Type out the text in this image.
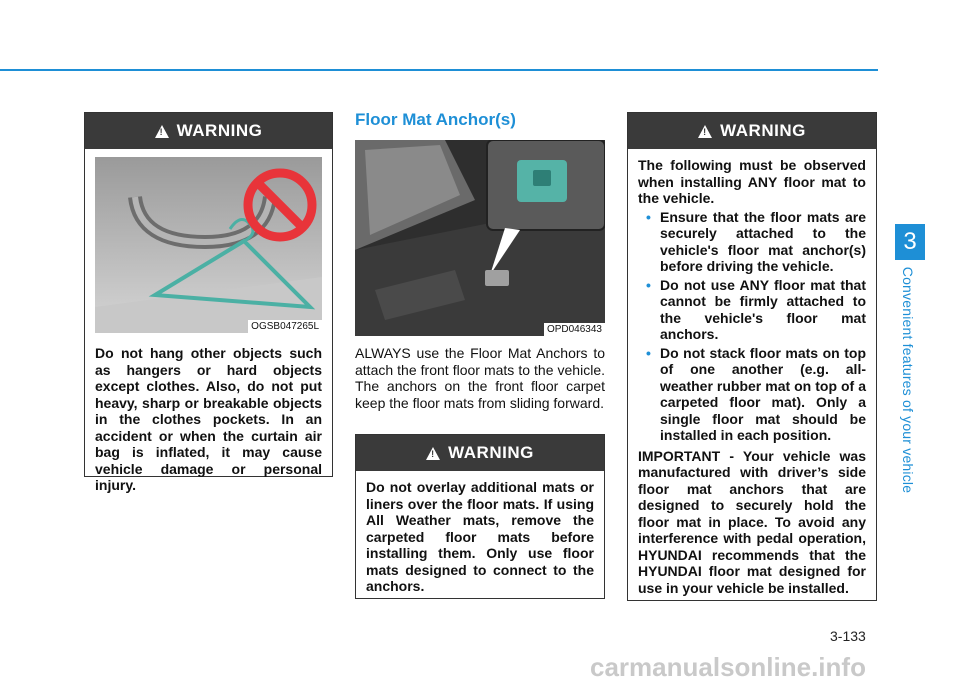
3
Convenient features of your vehicle
!
WARNING
OGSB047265L
Do not hang other objects such as hangers or hard objects except clothes. Also, do not put heavy, sharp or breakable objects in the clothes pockets. In an accident or when the curtain air bag is inflated, it may cause vehicle damage or personal injury.
Floor Mat Anchor(s)
OPD046343
ALWAYS use the Floor Mat Anchors to attach the front floor mats to the vehicle. The anchors on the front floor carpet keep the floor mats from sliding forward.
!
WARNING
Do not overlay additional mats or liners over the floor mats. If using All Weather mats, remove the carpeted floor mats before installing them. Only use floor mats designed to connect to the anchors.
!
WARNING
The following must be observed when installing ANY floor mat to the vehicle.
• Ensure that the floor mats are securely attached to the vehicle's floor mat anchor(s) before driving the vehicle.
• Do not use ANY floor mat that cannot be firmly attached to the vehicle's floor mat anchors.
• Do not stack floor mats on top of one another (e.g. all-weather rubber mat on top of a carpeted floor mat). Only a single floor mat should be installed in each position.
IMPORTANT - Your vehicle was manufactured with driver’s side floor mat anchors that are designed to securely hold the floor mat in place. To avoid any interference with pedal operation, HYUNDAI recommends that the HYUNDAI floor mat designed for use in your vehicle be installed.
3-133
carmanualsonline.info
